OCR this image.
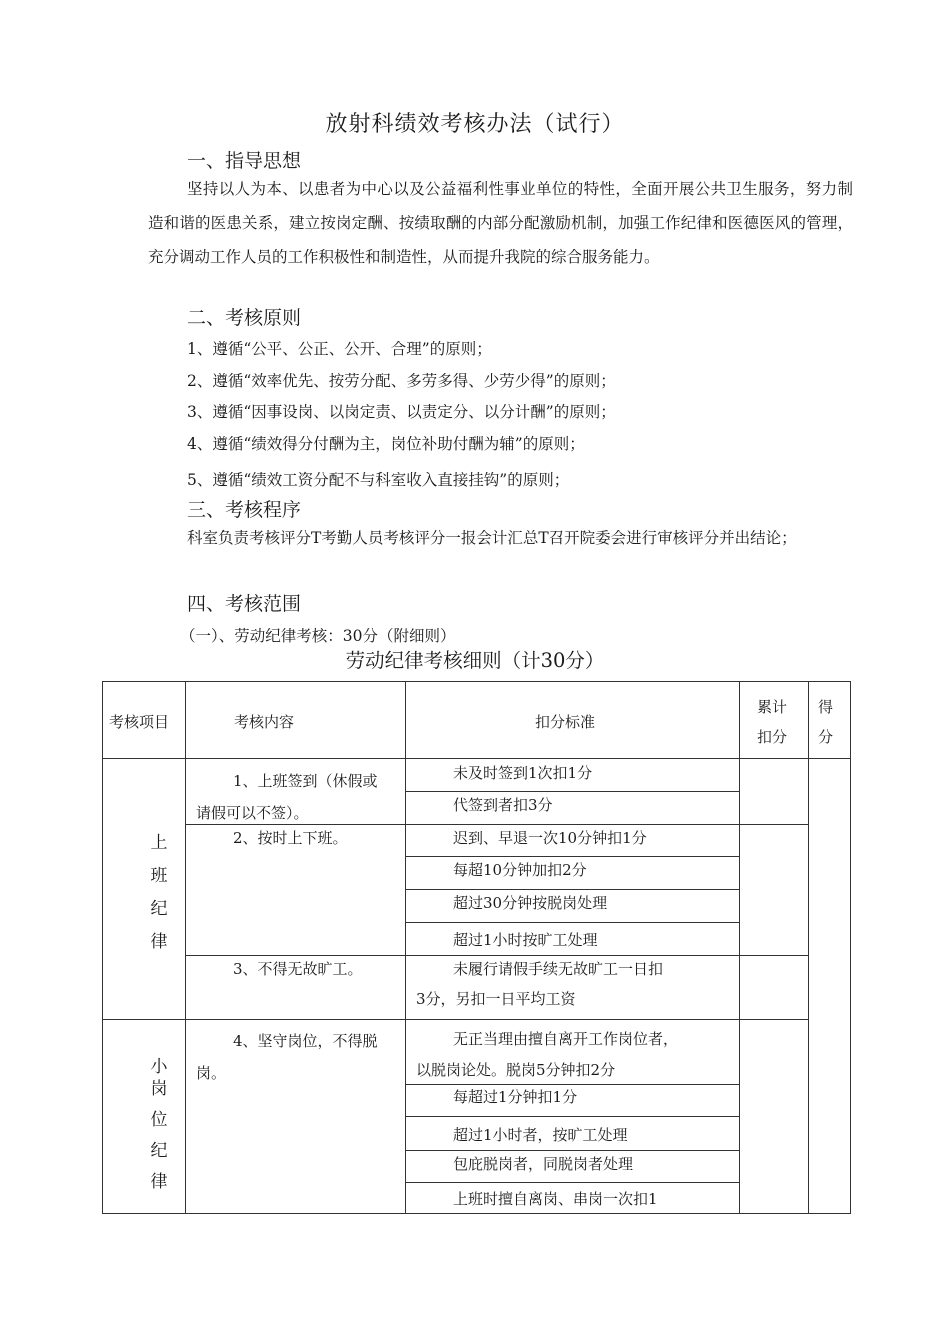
放射科绩效考核办法（试行）
一、指导思想
坚持以人为本、以患者为中心以及公益福利性事业单位的特性，全面开展公共卫生服务，努力制造和谐的医患关系，建立按岗定酬、按绩取酬的内部分配激励机制，加强工作纪律和医德医风的管理，充分调动工作人员的工作积极性和制造性，从而提升我院的综合服务能力。
二、考核原则
1、遵循“公平、公正、公开、合理”的原则；
2、遵循“效率优先、按劳分配、多劳多得、少劳少得”的原则；
3、遵循“因事设岗、以岗定责、以责定分、以分计酬”的原则；
4、遵循“绩效得分付酬为主，岗位补助付酬为辅”的原则；
5、遵循“绩效工资分配不与科室收入直接挂钩”的原则；
三、考核程序
科室负责考核评分T考勤人员考核评分一报会计汇总T召开院委会进行审核评分并出结论；
四、考核范围
（一）、劳动纪律考核：30分（附细则）
劳动纪律考核细则（计30分）
考核项目	考核内容	扣分标准
累计
扣分
得
分
上
班
纪
律
小
岗
位
纪
律
1、上班签到（休假或
请假可以不签）。
2、按时上下班。
3、不得无故旷工。
4、坚守岗位，不得脱
岗。
未及时签到1次扣1分
代签到者扣3分
迟到、早退一次10分钟扣1分
每超10分钟加扣2分
超过30分钟按脱岗处理
超过1小时按旷工处理
未履行请假手续无故旷工一日扣
3分，另扣一日平均工资
无正当理由擅自离开工作岗位者，
以脱岗论处。脱岗5分钟扣2分
每超过1分钟扣1分
超过1小时者，按旷工处理
包庇脱岗者，同脱岗者处理
上班时擅自离岗、串岗一次扣1
